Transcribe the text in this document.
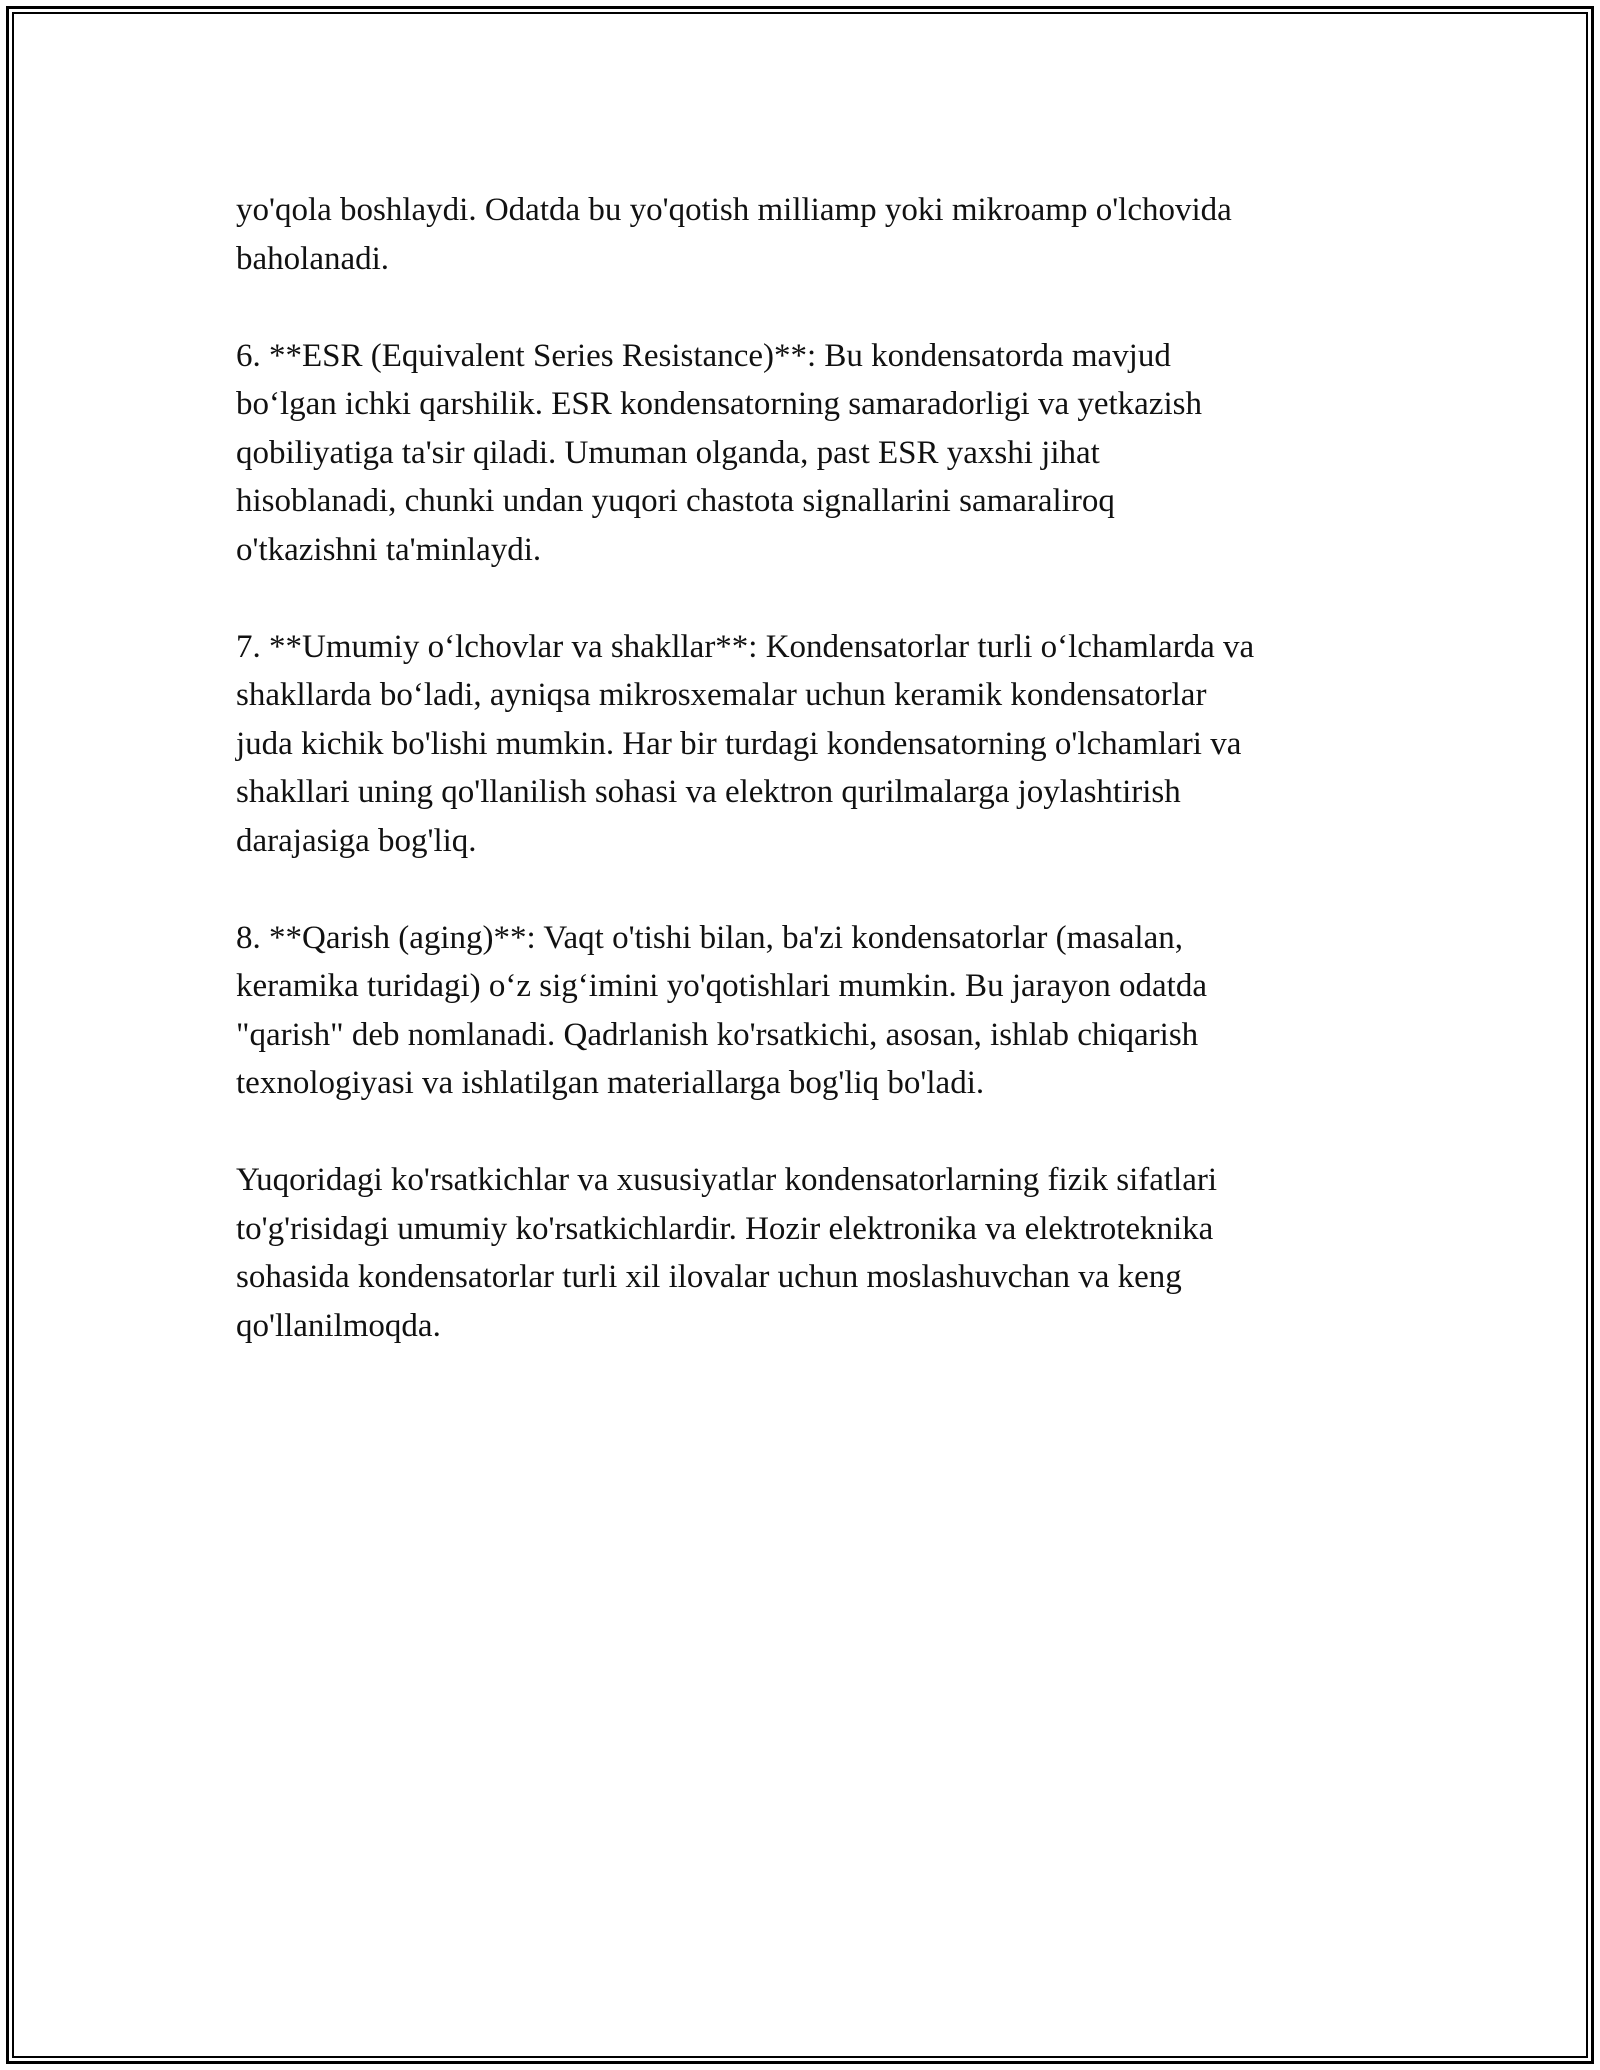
yo'qola boshlaydi. Odatda bu yo'qotish milliamp yoki mikroamp o'lchovida
baholanadi.

6. **ESR (Equivalent Series Resistance)**: Bu kondensatorda mavjud
bo‘lgan ichki qarshilik. ESR kondensatorning samaradorligi va yetkazish
qobiliyatiga ta'sir qiladi. Umuman olganda, past ESR yaxshi jihat
hisoblanadi, chunki undan yuqori chastota signallarini samaraliroq
o'tkazishni ta'minlaydi.

7. **Umumiy o‘lchovlar va shakllar**: Kondensatorlar turli o‘lchamlarda va
shakllarda bo‘ladi, ayniqsa mikrosxemalar uchun keramik kondensatorlar
juda kichik bo'lishi mumkin. Har bir turdagi kondensatorning o'lchamlari va
shakllari uning qo'llanilish sohasi va elektron qurilmalarga joylashtirish
darajasiga bog'liq.

8. **Qarish (aging)**: Vaqt o'tishi bilan, ba'zi kondensatorlar (masalan,
keramika turidagi) o‘z sig‘imini yo'qotishlari mumkin. Bu jarayon odatda
"qarish" deb nomlanadi. Qadrlanish ko'rsatkichi, asosan, ishlab chiqarish
texnologiyasi va ishlatilgan materiallarga bog'liq bo'ladi.

Yuqoridagi ko'rsatkichlar va xususiyatlar kondensatorlarning fizik sifatlari
to'g'risidagi umumiy ko'rsatkichlardir. Hozir elektronika va elektroteknika
sohasida kondensatorlar turli xil ilovalar uchun moslashuvchan va keng
qo'llanilmoqda.
